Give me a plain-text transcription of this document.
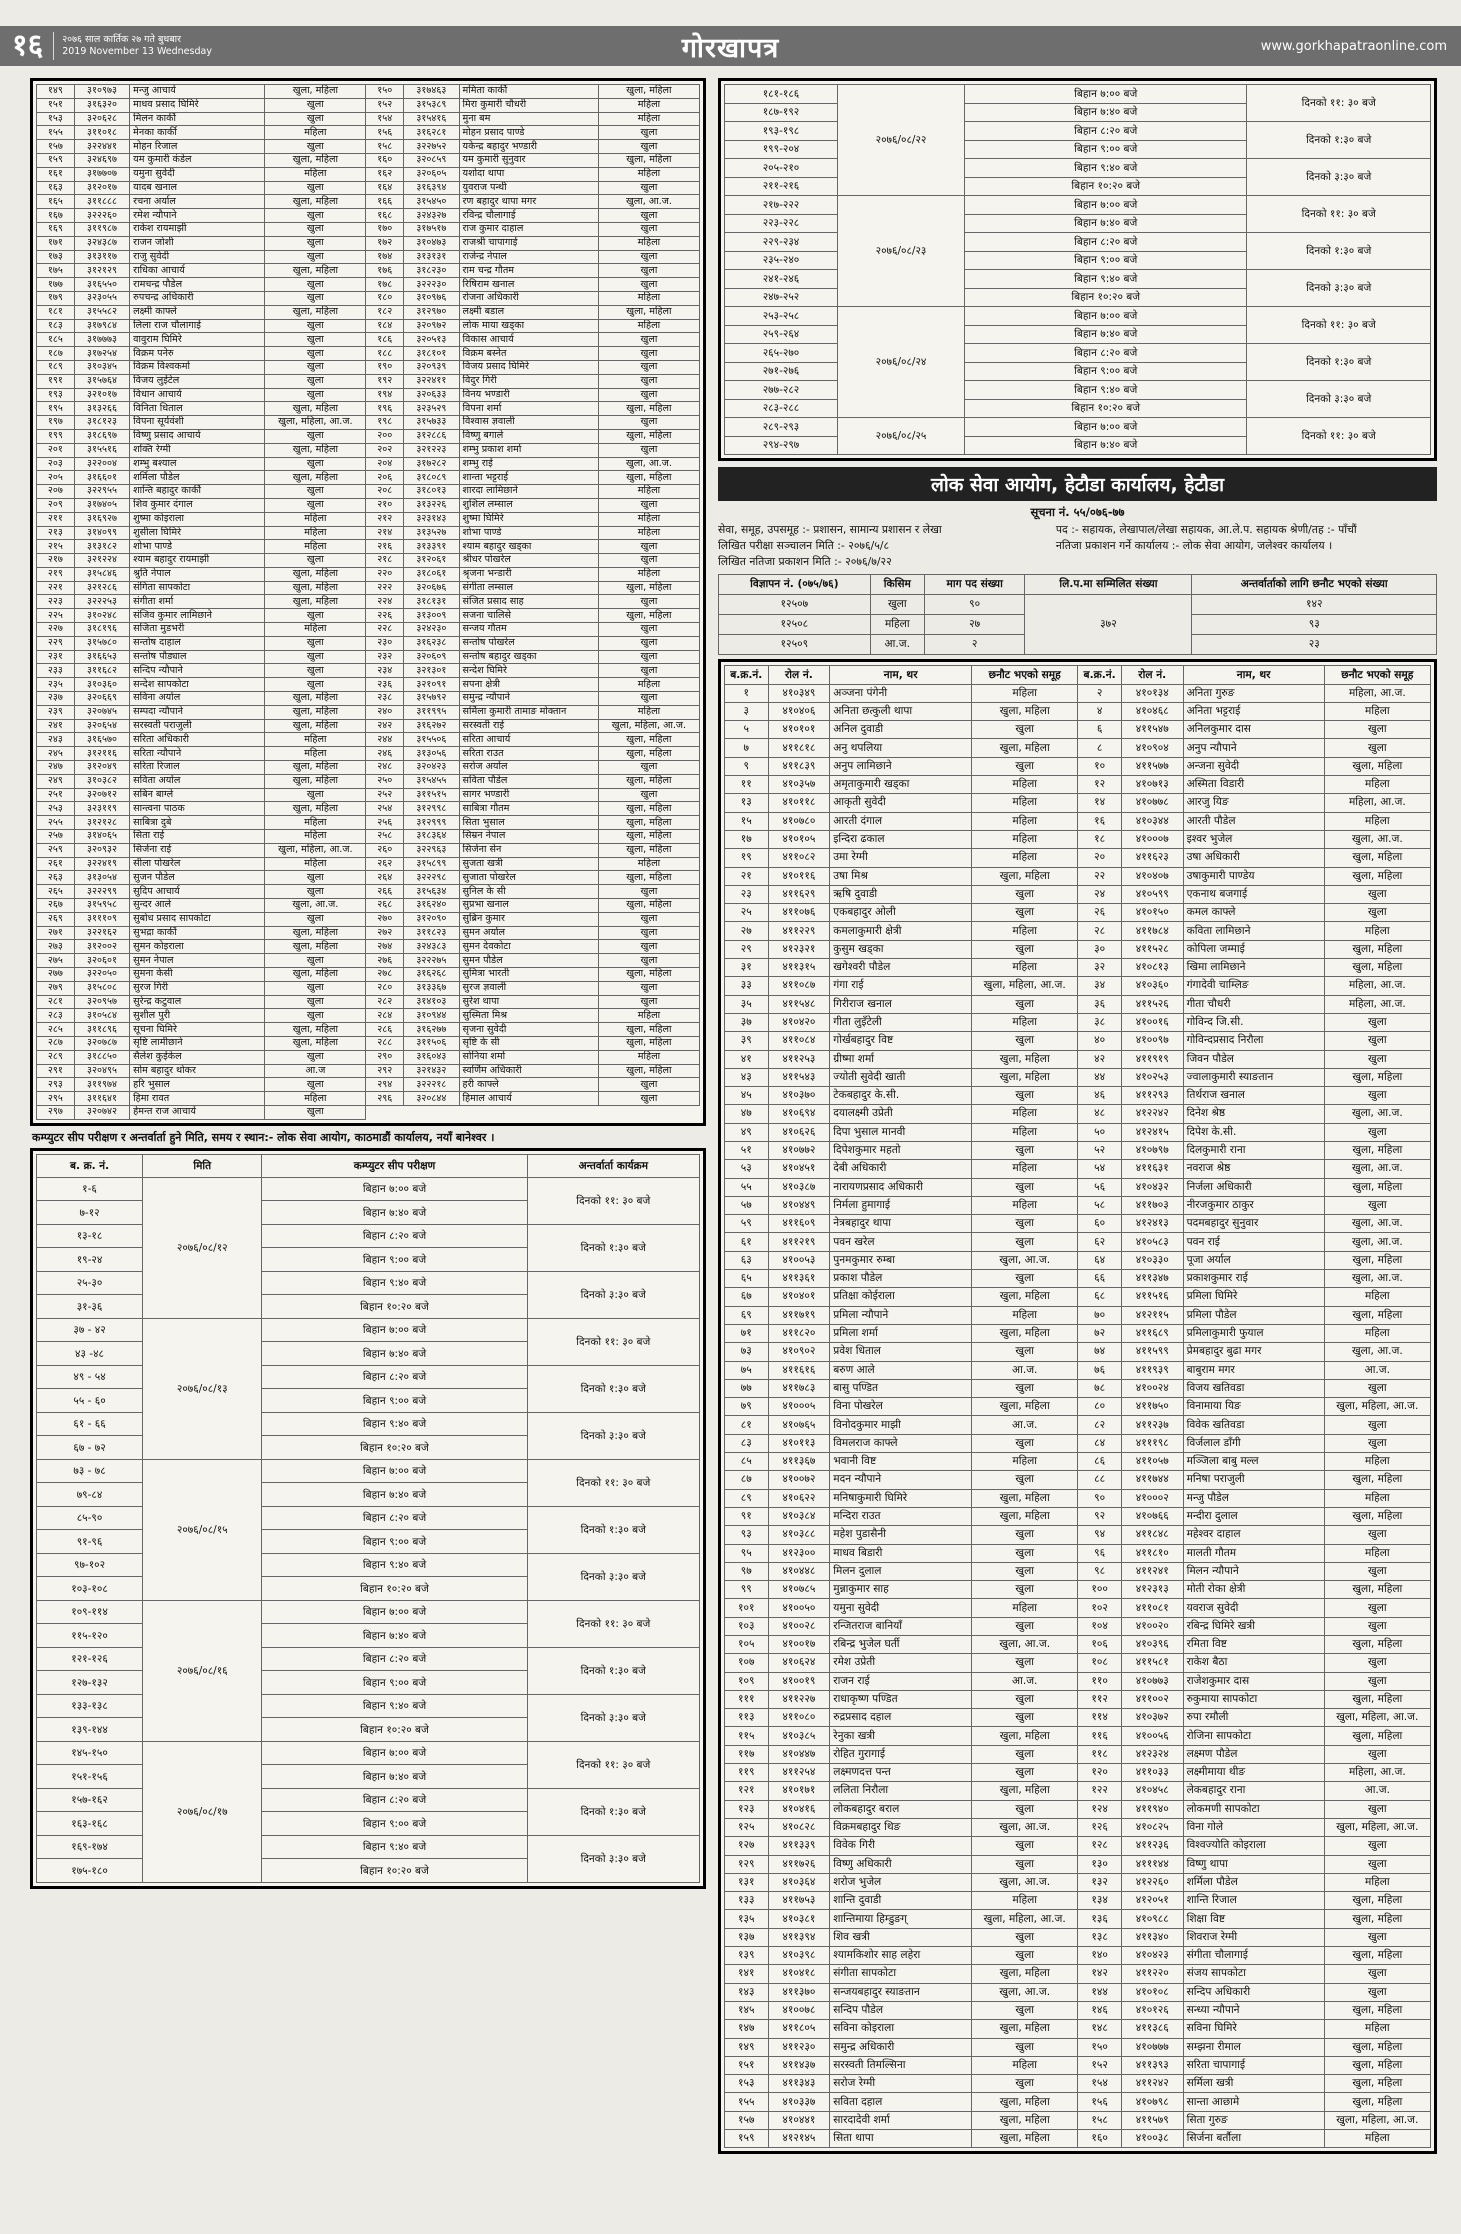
१६	२०७६ साल कार्तिक २७ गते बुधबार
2019 November 13 Wednesday	गोरखापत्र	www.gorkhapatraonline.com
१४९	३१०९७३	मन्जु आचार्य	खुला, महिला	१५०	३१७४६३	ममिता कार्की	खुला, महिला
१५१	३१६३२०	माधव प्रसाद घिमिरे	खुला	१५२	३१५३८९	मिरा कुमारी चौधरी	महिला
१५३	३२०६२८	मिलन कार्की	खुला	१५४	३१५४१६	मुना बम	महिला
१५५	३११०१८	मेनका कार्की	महिला	१५६	३१६२८१	मोहन प्रसाद पाण्डे	खुला
१५७	३२२४४१	मोहन रिजाल	खुला	१५८	३२२७५२	यकेन्द्र बहादुर भण्डारी	खुला
१५९	३२४६९७	यम कुमारी कंडेल	खुला, महिला	१६०	३२०८५९	यम कुमारी सुनुवार	खुला, महिला
१६१	३१७७०७	यमुना सुवेदी	महिला	१६२	३२०६०५	यशोदा थापा	महिला
१६३	३१२०१७	यादब खनाल	खुला	१६४	३१६३९४	युवराज पन्थी	खुला
१६५	३११८८८	रचना अर्याल	खुला, महिला	१६६	३१५४५०	रण बहादुर थापा मगर	खुला, आ.ज.
१६७	३२२२६०	रमेश न्यौपाने	खुला	१६८	३२४३२७	रविन्द्र चौलागाई	खुला
१६९	३११९८७	राकेश रायमाझी	खुला	१७०	३१७५१७	राज कुमार दाहाल	खुला
१७१	३२४३८७	राजन जोशी	खुला	१७२	३१०४७३	राजश्री चापागाई	महिला
१७३	३१३११७	राजु सुवेदी	खुला	१७४	३१३१३१	राजेन्द्र नेपाल	खुला
१७५	३१२१२९	राधिका आचार्य	खुला, महिला	१७६	३१८२३०	राम चन्द्र गौतम	खुला
१७७	३१६५५०	रामचन्द्र पौडेल	खुला	१७८	३२२२३०	रिषिराम खनाल	खुला
१७९	३२३०५५	रुपचन्द्र अधिकारी	खुला	१८०	३१०९७६	रोजना अधिकारी	महिला
१८१	३१५५८२	लक्ष्मी काफ्ले	खुला, महिला	१८२	३१२९७०	लक्ष्मी बडाल	खुला, महिला
१८३	३१७९८४	लिला राज चौलागाई	खुला	१८४	३२०९७२	लोक माया खड्का	महिला
१८५	३१७७७३	वावुराम घिमिरे	खुला	१८६	३२०५१३	विकास आचार्य	खुला
१८७	३१७२५४	विक्रम पनेरु	खुला	१८८	३१८१०१	विक्रम बस्नेत	खुला
१८९	३१०३४५	विक्रम विश्वकर्मा	खुला	१९०	३२०९३९	विजय प्रसाद घिमिरे	खुला
१९१	३१५७६४	विजय लुईटेल	खुला	१९२	३२२४११	विदुर गिरी	खुला
१९३	३२१०१७	विधान आचार्य	खुला	१९४	३२०६३३	विनय भण्डारी	खुला
१९५	३१३२६६	विनिता धिताल	खुला, महिला	१९६	३२३५२९	विपना शर्मा	खुला, महिला
१९७	३१८१२३	विपना सूर्यवंशी	खुला, महिला, आ.ज.	१९८	३१५७३३	विश्वास ज्ञवाली	खुला
१९९	३१८६९७	विष्णु प्रसाद आचार्य	खुला	२००	३१२८८६	विष्णु बगाले	खुला, महिला
२०१	३१५५१६	शक्ति रेग्मी	खुला, महिला	२०२	३२१२२३	शम्भु प्रकाश शर्मा	खुला
२०३	३२२००४	शम्भु बश्याल	खुला	२०४	३१७२८२	शम्भु राई	खुला, आ.ज.
२०५	३१६६०१	शर्मिला पौडेल	खुला, महिला	२०६	३१८०८९	शान्ता भट्टराई	खुला, महिला
२०७	३२२९५५	शान्ति बहादुर कार्की	खुला	२०८	३१८०१३	शारदा लामिछाने	महिला
२०९	३१७४०५	शिव कुमार दंगाल	खुला	२१०	३१३२२६	शुशिल लम्साल	खुला
२११	३१६९२७	शुष्मा कोइराला	महिला	२१२	३२३१४३	शुष्मा घिमिरे	महिला
२१३	३१४०९९	शुसीला घिमिरे	महिला	२१४	३१३५२७	शोभा पाण्डे	महिला
२१५	३१३१८२	शोभा पाण्डे	महिला	२१६	३१३३९१	श्याम बहादुर खड्का	खुला
२१७	३२१२२४	श्याम बहादुर रायमाझी	खुला	२१८	३१२०६१	श्रीधर पोखरेल	खुला
२१९	३१५८४६	श्रुति नेपाल	खुला, महिला	२२०	३१८०६१	श्रृजना भन्डारी	महिला
२२१	३२१२८६	संगिता सापकोटा	खुला, महिला	२२२	३२०६७६	संगीता लम्साल	खुला, महिला
२२३	३२२२५३	संगीता शर्मा	खुला, महिला	२२४	३१८१३१	संजित प्रसाद साह	खुला
२२५	३१०२४८	संजिव कुमार लामिछाने	खुला	२२६	३१३००९	सजना चालिसे	खुला, महिला
२२७	३१८१९६	सजिता मुडभरी	महिला	२२८	३२४२३०	सन्जय गौतम	खुला
२२९	३१५७८०	सन्तोष दाहाल	खुला	२३०	३१६२३८	सन्तोष पोखरेल	खुला
२३१	३१६६५३	सन्तोष पौड्याल	खुला	२३२	३२०६०९	सन्तोष बहादुर खड्का	खुला
२३३	३११६८२	सन्दिप न्यौपाने	खुला	२३४	३२१३०१	सन्देश घिमिरे	खुला
२३५	३१०३६०	सन्देश सापकोटा	खुला	२३६	३२१०९१	सपना क्षेत्री	महिला
२३७	३२०६६९	सविना अर्याल	खुला, महिला	२३८	३१५७९२	समुन्द्र न्यौपाने	खुला
२३९	३२०७४५	सम्पदा न्यौपाने	खुला, महिला	२४०	३११९९५	सर्मिला कुमारी तामाङ मोक्तान	महिला
२४१	३२०६५४	सरस्वती पराजुली	खुला, महिला	२४२	३१६२७२	सरस्वती राई	खुला, महिला, आ.ज.
२४३	३१६५७०	सरिता अधिकारी	महिला	२४४	३१५५०६	सरिता आचार्य	खुला, महिला
२४५	३१२११६	सरिता न्यौपाने	महिला	२४६	३१३०५६	सरिता राउत	खुला, महिला
२४७	३१२०४९	सरिता रिजाल	खुला, महिला	२४८	३२०४२३	सरोज अर्याल	खुला
२४९	३१०३८२	सविता अर्याल	खुला, महिला	२५०	३१५४५५	सविता पौडेल	खुला, महिला
२५१	३२०७१२	सबिन बाग्ले	खुला	२५२	३११५१५	सागर भण्डारी	खुला
२५३	३२३११९	सान्त्वना पाठक	खुला, महिला	२५४	३१२९९८	साबित्रा गौतम	खुला, महिला
२५५	३१२१२८	साबित्रा दुबे	महिला	२५६	३१२९९९	सिता भुसाल	खुला, महिला
२५७	३१४०६५	सिता राई	महिला	२५८	३१८३६४	सिम्रन नेपाल	खुला, महिला
२५९	३२०९३२	सिर्जना राई	खुला, महिला, आ.ज.	२६०	३२२९६३	सिर्जना सेन	खुला, महिला
२६१	३२२४१९	सीला पोखरेल	महिला	२६२	३१५८९९	सुजता खत्री	महिला
२६३	३१३०५४	सुजन पौडेल	खुला	२६४	३२२२९८	सुजाता पोखरेल	खुला, महिला
२६५	३२२२९९	सुदिप आचार्य	खुला	२६६	३१५६३४	सुनिल के सी	खुला
२६७	३१५९५८	सुन्दर आले	खुला, आ.ज.	२६८	३१६२४०	सुप्रभा खनाल	खुला, महिला
२६९	३१११०९	सुबोध प्रसाद सापकोटा	खुला	२७०	३१२०९०	सुब्रिन कुमार	खुला
२७१	३२२१६२	सुभद्रा कार्की	खुला, महिला	२७२	३११८२३	सुमन अर्याल	खुला
२७३	३१२००२	सुमन कोइराला	खुला, महिला	२७४	३२४३८३	सुमन देवकोटा	खुला
२७५	३२०६०१	सुमन नेपाल	खुला	२७६	३२२२७५	सुमन पौडेल	खुला
२७७	३२२०५०	सुमना केसी	खुला, महिला	२७८	३१६२६८	सुमित्रा भारती	खुला, महिला
२७९	३१५८०८	सुरज गिरी	खुला	२८०	३१३३६७	सुरज ज्ञवाली	खुला
२८१	३२०९५७	सुरेन्द्र कटुवाल	खुला	२८२	३१४१०३	सुरेश थापा	खुला
२८३	३१०५८४	सुशील पुरी	खुला	२८४	३१०९४४	सुस्मिता मिश्र	महिला
२८५	३११८९६	सूचना घिमिरे	खुला, महिला	२८६	३१६२७७	सृजना सुवेदी	खुला, महिला
२८७	३२०७८७	सृष्टि लामीछाने	खुला, महिला	२८८	३११५०६	सृष्टि के सी	खुला, महिला
२८९	३१८८५०	सैलेश कुईकेल	खुला	२९०	३१६०४३	सोनिया शर्मा	महिला
२९१	३२०४९५	सोम बहादुर थोकर	आ.ज	२९२	३२१४३२	स्वर्णिम अधिकारी	खुला, महिला
२९३	३११९७४	हरि भुसाल	खुला	२९४	३२२२१८	हरी काफ्ले	खुला
२९५	३११६४१	हिमा रावत	महिला	२९६	३२०८४४	हिमाल आचार्य	खुला
२९७	३२०७४२	हेमन्त राज आचार्य	खुला				
कम्प्युटर सीप परीक्षण र अन्तर्वार्ता हुने मिति, समय र स्थान:- लोक सेवा आयोग, काठमाडौं कार्यालय, नयाँ बानेश्वर ।
ब. क्र. नं.	मिति	कम्प्युटर सीप परीक्षण	अन्तर्वार्ता कार्यक्रम
१-६	२०७६/०८/१२	बिहान ७:०० बजे	दिनको ११: ३० बजे
७-१२		बिहान ७:४० बजे	
१३-१८		बिहान ८:२० बजे	दिनको १:३० बजे
१९-२४		बिहान ९:०० बजे	
२५-३०		बिहान ९:४० बजे	दिनको ३:३० बजे
३१-३६		बिहान १०:२० बजे	
३७ - ४२	२०७६/०८/१३	बिहान ७:०० बजे	दिनको ११: ३० बजे
४३ -४८		बिहान ७:४० बजे	
४९ - ५४		बिहान ८:२० बजे	दिनको १:३० बजे
५५ - ६०		बिहान ९:०० बजे	
६१ - ६६		बिहान ९:४० बजे	दिनको ३:३० बजे
६७ - ७२		बिहान १०:२० बजे	
७३ - ७८	२०७६/०८/१५	बिहान ७:०० बजे	दिनको ११: ३० बजे
७९-८४		बिहान ७:४० बजे	
८५-९०		बिहान ८:२० बजे	दिनको १:३० बजे
९१-९६		बिहान ९:०० बजे	
९७-१०२		बिहान ९:४० बजे	दिनको ३:३० बजे
१०३-१०८		बिहान १०:२० बजे	
१०९-११४	२०७६/०८/१६	बिहान ७:०० बजे	दिनको ११: ३० बजे
११५-१२०		बिहान ७:४० बजे	
१२१-१२६		बिहान ८:२० बजे	दिनको १:३० बजे
१२७-१३२		बिहान ९:०० बजे	
१३३-१३८		बिहान ९:४० बजे	दिनको ३:३० बजे
१३९-१४४		बिहान १०:२० बजे	
१४५-१५०	२०७६/०८/१७	बिहान ७:०० बजे	दिनको ११: ३० बजे
१५१-१५६		बिहान ७:४० बजे	
१५७-१६२		बिहान ८:२० बजे	दिनको १:३० बजे
१६३-१६८		बिहान ९:०० बजे	
१६९-१७४		बिहान ९:४० बजे	दिनको ३:३० बजे
१७५-१८०		बिहान १०:२० बजे	
१८१-१८६	२०७६/०८/२२	बिहान ७:०० बजे	दिनको ११: ३० बजे
१८७-१९२		बिहान ७:४० बजे	
१९३-१९८		बिहान ८:२० बजे	दिनको १:३० बजे
१९९-२०४		बिहान ९:०० बजे	
२०५-२१०		बिहान ९:४० बजे	दिनको ३:३० बजे
२११-२१६		बिहान १०:२० बजे	
२१७-२२२	२०७६/०८/२३	बिहान ७:०० बजे	दिनको ११: ३० बजे
२२३-२२८		बिहान ७:४० बजे	
२२९-२३४		बिहान ८:२० बजे	दिनको १:३० बजे
२३५-२४०		बिहान ९:०० बजे	
२४१-२४६		बिहान ९:४० बजे	दिनको ३:३० बजे
२४७-२५२		बिहान १०:२० बजे	
२५३-२५८	२०७६/०८/२४	बिहान ७:०० बजे	दिनको ११: ३० बजे
२५९-२६४		बिहान ७:४० बजे	
२६५-२७०		बिहान ८:२० बजे	दिनको १:३० बजे
२७१-२७६		बिहान ९:०० बजे	
२७७-२८२		बिहान ९:४० बजे	दिनको ३:३० बजे
२८३-२८८		बिहान १०:२० बजे	
२८९-२९३	२०७६/०८/२५	बिहान ७:०० बजे	दिनको ११: ३० बजे
२९४-२९७		बिहान ७:४० बजे	
लोक सेवा आयोग, हेटौडा कार्यालय, हेटौडा
सूचना नं. ५५/०७६-७७
सेवा, समूह, उपसमूह :- प्रशासन, सामान्य प्रशासन र लेखा
लिखित परीक्षा सञ्चालन मिति :- २०७६/५/८
लिखित नतिजा प्रकाशन मिति :- २०७६/७/२२
पद :- सहायक, लेखापाल/लेखा सहायक, आ.ले.प. सहायक श्रेणी/तह :- पाँचौं
नतिजा प्रकाशन गर्ने कार्यालय :- लोक सेवा आयोग, जलेश्वर कार्यालय ।
विज्ञापन नं. (०७५/७६)	किसिम	माग पद संख्या	लि.प.मा सम्मिलित संख्या	अन्तर्वार्ताको लागि छनौट भएको संख्या
१२५०७	खुला	९०	३७२	१४२
१२५०८	महिला	२७		९३
१२५०९	आ.ज.	२		२३
ब.क्र.नं.	रोल नं.	नाम, थर	छनौट भएको समूह	ब.क्र.नं.	रोल नं.	नाम, थर	छनौट भएको समूह
१	४१०३४९	अञ्जना पंगेनी	महिला	२	४१०१३४	अनिता गुरुङ	महिला, आ.ज.
३	४१०४०६	अनिता छत्कुली थापा	खुला, महिला	४	४१०४६८	अनिता भट्टराई	महिला
५	४१०१०१	अनिल दुवाडी	खुला	६	४११५४७	अनिलकुमार दास	खुला
७	४११८१८	अनु थपलिया	खुला, महिला	८	४१०९०४	अनुप न्यौपाने	खुला
९	४११८३९	अनुप लामिछाने	खुला	१०	४११५७७	अन्जना सुवेदी	खुला, महिला
११	४१०३५७	अमृताकुमारी खड्का	महिला	१२	४१०७१३	अस्मिता विडारी	महिला
१३	४१०११८	आकृती सुवेदी	महिला	१४	४१०७७८	आरजु यिङ	महिला, आ.ज.
१५	४१०७८०	आरती दंगाल	महिला	१६	४१०३४४	आरती पौडेल	महिला
१७	४१०१०५	इन्दिरा ढकाल	महिला	१८	४१०००७	इश्वर भुजेल	खुला, आ.ज.
१९	४११०८२	उमा रेग्मी	महिला	२०	४११६२३	उषा अधिकारी	खुला, महिला
२१	४१०११६	उषा मिश्र	खुला, महिला	२२	४१०४०७	उषाकुमारी पाण्डेय	खुला, महिला
२३	४११६२९	ऋषि दुवाडी	खुला	२४	४१०५९९	एकनाथ बजगाई	खुला
२५	४११०७६	एकबहादुर ओली	खुला	२६	४१०१५०	कमल काफ्ले	खुला
२७	४११२२९	कमलाकुमारी क्षेत्री	महिला	२८	४११७८४	कविता लामिछाने	महिला
२९	४१२३२१	कुसुम खड्का	खुला	३०	४११५२८	कोपिला जम्माई	खुला, महिला
३१	४११३१५	खगेश्वरी पौडेल	महिला	३२	४१०८१३	खिमा लामिछाने	खुला, महिला
३३	४११०८७	गंगा राई	खुला, महिला, आ.ज.	३४	४१०३६०	गंगादेवी चाम्लिङ	महिला, आ.ज.
३५	४११५४८	गिरीराज खनाल	खुला	३६	४११५२६	गीता चौधरी	महिला, आ.ज.
३७	४१०४२०	गीता लुइँटेली	महिला	३८	४१००१६	गोविन्द जि.सी.	खुला
३९	४११०८४	गोर्खबहादुर विष्ट	खुला	४०	४१००९७	गोविन्दप्रसाद निरौला	खुला
४१	४११२५३	ग्रीष्मा शर्मा	खुला, महिला	४२	४११९१९	जिवन पौडेल	खुला
४३	४११५४३	ज्योती सुवेदी खाती	खुला, महिला	४४	४१०२५३	ज्वालाकुमारी स्याङतान	खुला, महिला
४५	४१०३७०	टेकबहादुर के.सी.	खुला	४६	४११२९३	तिर्थराज खनाल	खुला
४७	४१०६९४	दयालक्ष्मी उप्रेती	महिला	४८	४१२२४२	दिनेश श्रेष्ठ	खुला, आ.ज.
४९	४१०६२६	दिपा भुसाल मानवी	महिला	५०	४१२४१५	दिपेश के.सी.	खुला
५१	४१०७७२	दिपेशकुमार महतो	खुला	५२	४१०७९७	दिलकुमारी राना	खुला, महिला
५३	४१०४५१	देबी अधिकारी	महिला	५४	४११६३१	नवराज श्रेष्ठ	खुला, आ.ज.
५५	४१०३८७	नारायणप्रसाद अधिकारी	खुला	५६	४१०४३२	निर्जला अधिकारी	खुला, महिला
५७	४१०४४९	निर्मला हुमागाई	महिला	५८	४११७०३	नीरजकुमार ठाकुर	खुला
५९	४११६०९	नेत्रबहादुर थापा	खुला	६०	४१२४१३	पदमबहादुर सुनुवार	खुला, आ.ज.
६१	४११२१९	पवन खरेल	खुला	६२	४१०५८३	पवन राई	खुला, आ.ज.
६३	४१००५३	पुनमकुमार रुम्बा	खुला, आ.ज.	६४	४१०३३०	पूजा अर्याल	खुला, महिला
६५	४११३६१	प्रकाश पौडेल	खुला	६६	४११३४७	प्रकाशकुमार राई	खुला, आ.ज.
६७	४१०४०१	प्रतिक्षा कोईराला	खुला, महिला	६८	४११५१६	प्रमिला घिमिरे	महिला
६९	४११७१९	प्रमिला न्यौपाने	महिला	७०	४१२११५	प्रमिला पौडेल	खुला, महिला
७१	४११८२०	प्रमिला शर्मा	खुला, महिला	७२	४११६८९	प्रमिलाकुमारी फुयाल	महिला
७३	४१०९०२	प्रवेश धिताल	खुला	७४	४११५९९	प्रेमबहादुर बुढा मगर	खुला, आ.ज.
७५	४११६१६	बरुण आले	आ.ज.	७६	४११९३९	बाबुराम मगर	आ.ज.
७७	४११७८३	बासु पण्डित	खुला	७८	४१००२४	विजय खतिवडा	खुला
७९	४१०००५	विना पोखरेल	खुला, महिला	८०	४११७५०	विनामाया यिङ	खुला, महिला, आ.ज.
८१	४१०७६५	विनोदकुमार माझी	आ.ज.	८२	४११२३७	विवेक खतिवडा	खुला
८३	४१०११३	विमलराज काफ्ले	खुला	८४	४१११९८	विर्जलाल डाँगी	खुला
८५	४११३६७	भवानी विष्ट	महिला	८६	४११०५७	मञ्जिला बाबु मल्ल	महिला
८७	४१००७२	मदन न्यौपाने	खुला	८८	४११७४४	मनिषा पराजुली	खुला, महिला
८९	४१०६२२	मनिषाकुमारी घिमिरे	खुला, महिला	९०	४१०००२	मन्जु पौडेल	महिला
९१	४१०३८४	मन्दिरा राउत	खुला, महिला	९२	४१०७६६	मन्दीरा दुलाल	खुला, महिला
९३	४१०३८८	महेश पुडासैनी	खुला	९४	४११८४८	महेश्वर दाहाल	खुला
९५	४१२३००	माधव बिडारी	खुला	९६	४११८१०	मालती गौतम	महिला
९७	४१०४४८	मिलन दुलाल	खुला	९८	४११२४१	मिलन न्यौपाने	खुला
९९	४१०७८५	मुन्नाकुमार साह	खुला	१००	४१२३१३	मोती रोका क्षेत्री	खुला, महिला
१०१	४१००५०	यमुना सुवेदी	महिला	१०२	४११०८१	यवराज सुवेदी	खुला
१०३	४१००२८	रन्जितराज बानियाँ	खुला	१०४	४१००२०	रबिन्द्र घिमिरे खत्री	खुला
१०५	४१००१७	रबिन्द्र भुजेल घर्ती	खुला, आ.ज.	१०६	४१०३९६	रमिता विष्ट	खुला, महिला
१०७	४१०६२४	रमेश उप्रेती	खुला	१०८	४११५८१	राकेश बैठा	खुला
१०९	४१००१९	राजन राई	आ.ज.	११०	४१०७७३	राजेशकुमार दास	खुला
१११	४११२२७	राधाकृष्ण पण्डित	खुला	११२	४११००२	रुकुमाया सापकोटा	खुला, महिला
११३	४११०८०	रुद्रप्रसाद दहाल	खुला	११४	४१०३७२	रुपा रमौली	खुला, महिला, आ.ज.
११५	४१०३८५	रेनुका खत्री	खुला, महिला	११६	४१००५६	रोजिना सापकोटा	खुला, महिला
११७	४१०४४७	रोहित गुरागाई	खुला	११८	४१२३२४	लक्ष्मण पौडेल	खुला
११९	४११२५४	लक्ष्मणदत्त पन्त	खुला	१२०	४११०३३	लक्ष्मीमाया थीङ	महिला, आ.ज.
१२१	४१०१७१	ललिता निरौला	खुला, महिला	१२२	४१०४५८	लेकबहादुर राना	आ.ज.
१२३	४१०४१६	लोकबहादुर बराल	खुला	१२४	४११९४०	लोकमणी सापकोटा	खुला
१२५	४१०८२८	विक्रमबहादुर थिङ	खुला, आ.ज.	१२६	४१०८२५	विना गोले	खुला, महिला, आ.ज.
१२७	४११३३९	विवेक गिरी	खुला	१२८	४११२३६	विश्वज्योति कोइराला	खुला
१२९	४११७२६	विष्णु अधिकारी	खुला	१३०	४१११४४	विष्णु थापा	खुला
१३१	४१०३६४	शरोज भुजेल	खुला, आ.ज.	१३२	४१२२६०	शर्मिला पौडेल	महिला
१३३	४११७५३	शान्ति दुवाडी	महिला	१३४	४१२०५१	शान्ति रिजाल	खुला, महिला
१३५	४१०३८१	शान्तिमाया हिम्डुङग्	खुला, महिला, आ.ज.	१३६	४१०९८८	शिक्षा विष्ट	खुला, महिला
१३७	४११३९४	शिव खत्री	खुला	१३८	४११३४०	शिवराज रेग्मी	खुला
१३९	४१०३९८	श्यामकिशोर साह लहेरा	खुला	१४०	४१०४२३	संगीता चौलागाई	खुला, महिला
१४१	४१०४१८	संगीता सापकोटा	खुला, महिला	१४२	४११२२०	संजय सापकोटा	खुला
१४३	४११३७०	सन्जयबहादुर स्याङतान	खुला, आ.ज.	१४४	४१०१०८	सन्दिप अधिकारी	खुला
१४५	४१००७८	सन्दिप पौडेल	खुला	१४६	४१०१२६	सन्ध्या न्यौपाने	खुला, महिला
१४७	४११८०५	सविना कोइराला	खुला, महिला	१४८	४११३८६	सविना घिमिरे	महिला
१४९	४११२३०	समुन्द्र अधिकारी	खुला	१५०	४१०७७७	सम्झना रीमाल	खुला, महिला
१५१	४११४३७	सरस्वती तिमल्सिना	महिला	१५२	४११३९३	सरिता चापागाई	खुला, महिला
१५३	४११३४३	सरोज रेग्मी	खुला	१५४	४११२४२	सर्मिला खत्री	खुला, महिला
१५५	४१०३३७	सविता दहाल	खुला, महिला	१५६	४१०७९८	सान्ता आछामे	खुला, महिला
१५७	४१०४४१	सारदादेवी शर्मा	खुला, महिला	१५८	४११५७९	सिता गुरुङ	खुला, महिला, आ.ज.
१५९	४१२१४५	सिता थापा	खुला, महिला	१६०	४१००३८	सिर्जना बर्तौला	महिला
